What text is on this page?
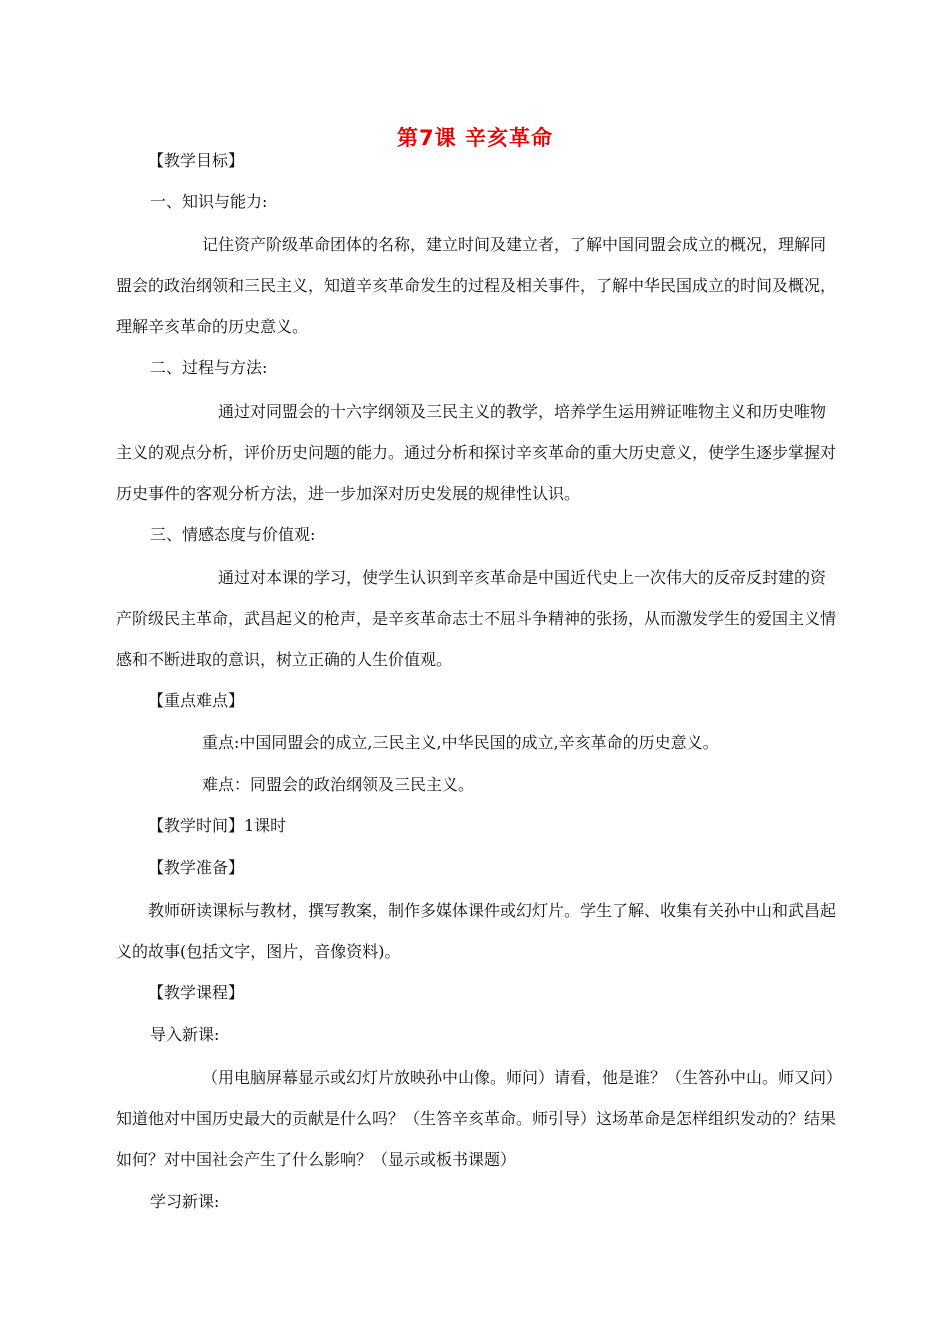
第7课 辛亥革命
【教学目标】
一、知识与能力:
记住资产阶级革命团体的名称，建立时间及建立者，了解中国同盟会成立的概况，理解同盟会的政治纲领和三民主义，知道辛亥革命发生的过程及相关事件，了解中华民国成立的时间及概况，理解辛亥革命的历史意义。
二、过程与方法:
通过对同盟会的十六字纲领及三民主义的教学，培养学生运用辨证唯物主义和历史唯物主义的观点分析，评价历史问题的能力。通过分析和探讨辛亥革命的重大历史意义，使学生逐步掌握对历史事件的客观分析方法，进一步加深对历史发展的规律性认识。
三、情感态度与价值观:
通过对本课的学习，使学生认识到辛亥革命是中国近代史上一次伟大的反帝反封建的资产阶级民主革命，武昌起义的枪声，是辛亥革命志士不屈斗争精神的张扬，从而激发学生的爱国主义情感和不断进取的意识，树立正确的人生价值观。
【重点难点】
重点:中国同盟会的成立,三民主义,中华民国的成立,辛亥革命的历史意义。
难点：同盟会的政治纲领及三民主义。
【教学时间】1课时
【教学准备】
教师研读课标与教材，撰写教案，制作多媒体课件或幻灯片。学生了解、收集有关孙中山和武昌起义的故事(包括文字，图片，音像资料)。
【教学课程】
导入新课:
（用电脑屏幕显示或幻灯片放映孙中山像。师问）请看，他是谁？（生答孙中山。师又问）知道他对中国历史最大的贡献是什么吗？（生答辛亥革命。师引导）这场革命是怎样组织发动的？结果如何？对中国社会产生了什么影响？（显示或板书课题）
学习新课:
